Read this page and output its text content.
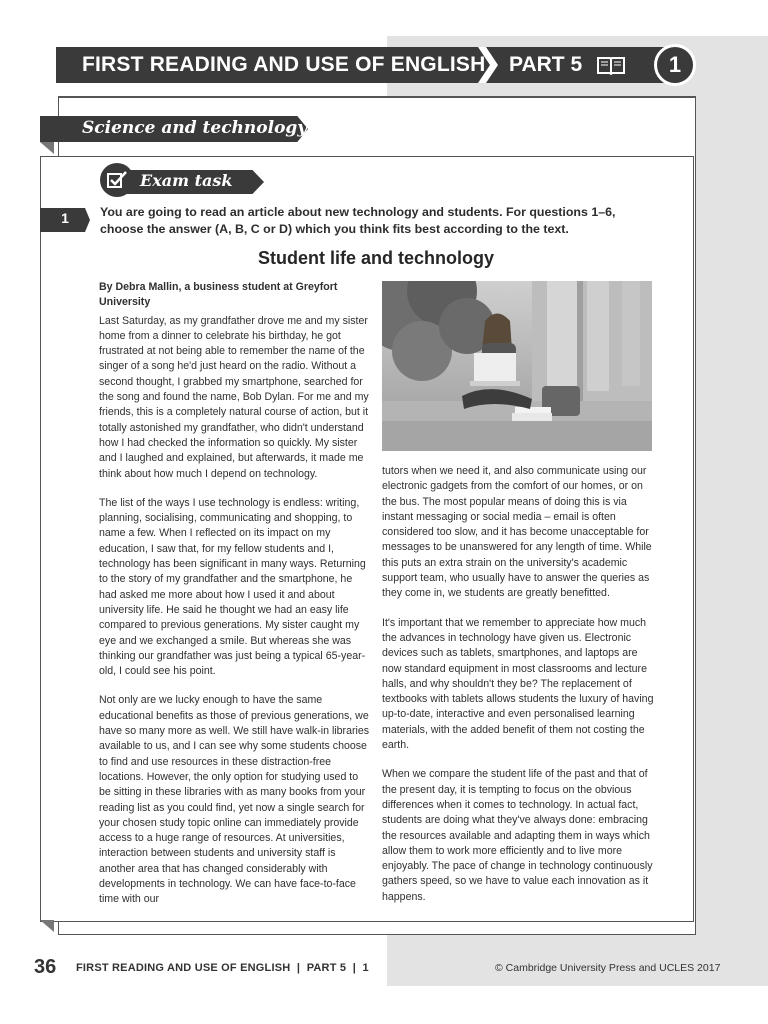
FIRST READING AND USE OF ENGLISH PART 5	1
Science and technology
Exam task
1	You are going to read an article about new technology and students. For questions 1–6, choose the answer (A, B, C or D) which you think fits best according to the text.
Student life and technology

By Debra Mallin, a business student at Greyfort University

Last Saturday, as my grandfather drove me and my sister home from a dinner to celebrate his birthday, he got frustrated at not being able to remember the name of the singer of a song he'd just heard on the radio. Without a second thought, I grabbed my smartphone, searched for the song and found the name, Bob Dylan. For me and my friends, this is a completely natural course of action, but it totally astonished my grandfather, who didn't understand how I had checked the information so quickly. My sister and I laughed and explained, but afterwards, it made me think about how much I depend on technology.

The list of the ways I use technology is endless: writing, planning, socialising, communicating and shopping, to name a few. When I reflected on its impact on my education, I saw that, for my fellow students and I, technology has been significant in many ways. Returning to the story of my grandfather and the smartphone, he had asked me more about how I used it and about university life. He said he thought we had an easy life compared to previous generations. My sister caught my eye and we exchanged a smile. But whereas she was thinking our grandfather was just being a typical 65-year-old, I could see his point.

Not only are we lucky enough to have the same educational benefits as those of previous generations, we have so many more as well. We still have walk-in libraries available to us, and I can see why some students choose to find and use resources in these distraction-free locations. However, the only option for studying used to be sitting in these libraries with as many books from your reading list as you could find, yet now a single search for your chosen study topic online can immediately provide access to a huge range of resources. At universities, interaction between students and university staff is another area that has changed considerably with developments in technology. We can have face-to-face time with our

tutors when we need it, and also communicate using our electronic gadgets from the comfort of our homes, or on the bus. The most popular means of doing this is via instant messaging or social media – email is often considered too slow, and it has become unacceptable for messages to be unanswered for any length of time. While this puts an extra strain on the university's academic support team, who usually have to answer the queries as they come in, we students are greatly benefitted.

It's important that we remember to appreciate how much the advances in technology have given us. Electronic devices such as tablets, smartphones, and laptops are now standard equipment in most classrooms and lecture halls, and why shouldn't they be? The replacement of textbooks with tablets allows students the luxury of having up-to-date, interactive and even personalised learning materials, with the added benefit of them not costing the earth.

When we compare the student life of the past and that of the present day, it is tempting to focus on the obvious differences when it comes to technology. In actual fact, students are doing what they've always done: embracing the resources available and adapting them in ways which allow them to work more efficiently and to live more enjoyably. The pace of change in technology continuously gathers speed, so we have to value each innovation as it happens.

36 FIRST READING AND USE OF ENGLISH  |  PART 5  |  1	© Cambridge University Press and UCLES 2017
